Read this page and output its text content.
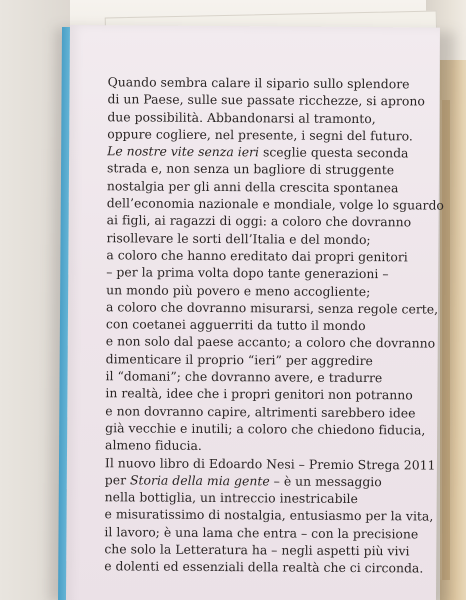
Quando sembra calare il sipario sullo splendore
di un Paese, sulle sue passate ricchezze, si aprono
due possibilità. Abbandonarsi al tramonto,
oppure cogliere, nel presente, i segni del futuro.
Le nostre vite senza ieri sceglie questa seconda
strada e, non senza un bagliore di struggente
nostalgia per gli anni della crescita spontanea
dell’economia nazionale e mondiale, volge lo sguardo
ai figli, ai ragazzi di oggi: a coloro che dovranno
risollevare le sorti dell’Italia e del mondo;
a coloro che hanno ereditato dai propri genitori
– per la prima volta dopo tante generazioni –
un mondo più povero e meno accogliente;
a coloro che dovranno misurarsi, senza regole certe,
con coetanei agguerriti da tutto il mondo
e non solo dal paese accanto; a coloro che dovranno
dimenticare il proprio “ieri” per aggredire
il “domani”; che dovranno avere, e tradurre
in realtà, idee che i propri genitori non potranno
e non dovranno capire, altrimenti sarebbero idee
già vecchie e inutili; a coloro che chiedono fiducia,
almeno fiducia.
Il nuovo libro di Edoardo Nesi – Premio Strega 2011
per Storia della mia gente – è un messaggio
nella bottiglia, un intreccio inestricabile
e misuratissimo di nostalgia, entusiasmo per la vita,
il lavoro; è una lama che entra – con la precisione
che solo la Letteratura ha – negli aspetti più vivi
e dolenti ed essenziali della realtà che ci circonda.
